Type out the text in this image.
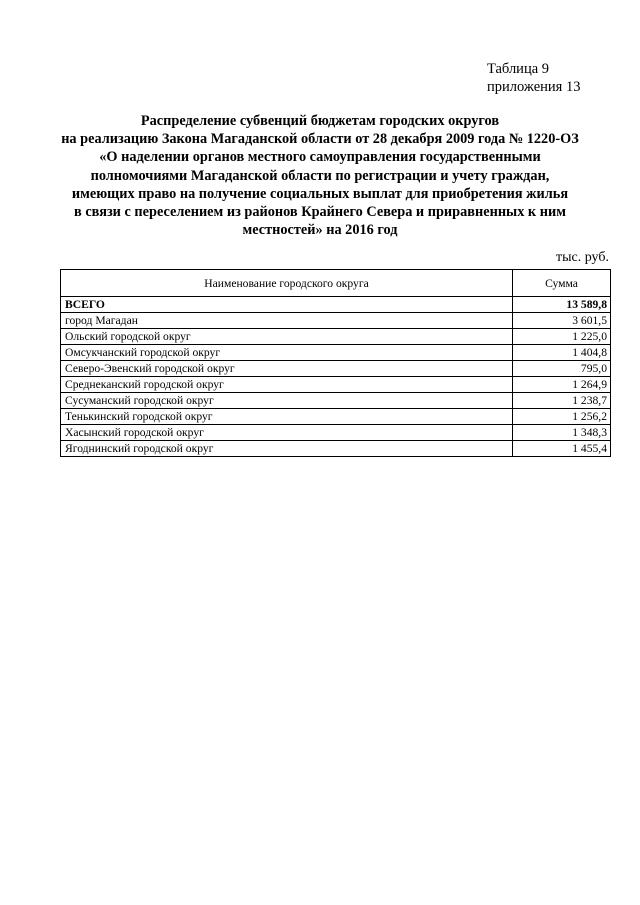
Таблица 9
приложения 13
Распределение субвенций бюджетам городских округов
на реализацию Закона Магаданской области от 28 декабря 2009 года № 1220-ОЗ
«О наделении органов местного самоуправления государственными
полномочиями Магаданской области по регистрации и учету граждан,
имеющих право на получение социальных выплат для приобретения жилья
в связи с переселением из районов Крайнего Севера и приравненных к ним
местностей» на 2016 год
тыс. руб.
Наименование городского округа	Сумма
ВСЕГО	13 589,8
город Магадан	3 601,5
Ольский городской округ	1 225,0
Омсукчанский городской округ	1 404,8
Северо-Эвенский городской округ	795,0
Среднеканский городской округ	1 264,9
Сусуманский городской округ	1 238,7
Тенькинский городской округ	1 256,2
Хасынский городской округ	1 348,3
Ягоднинский городской округ	1 455,4
